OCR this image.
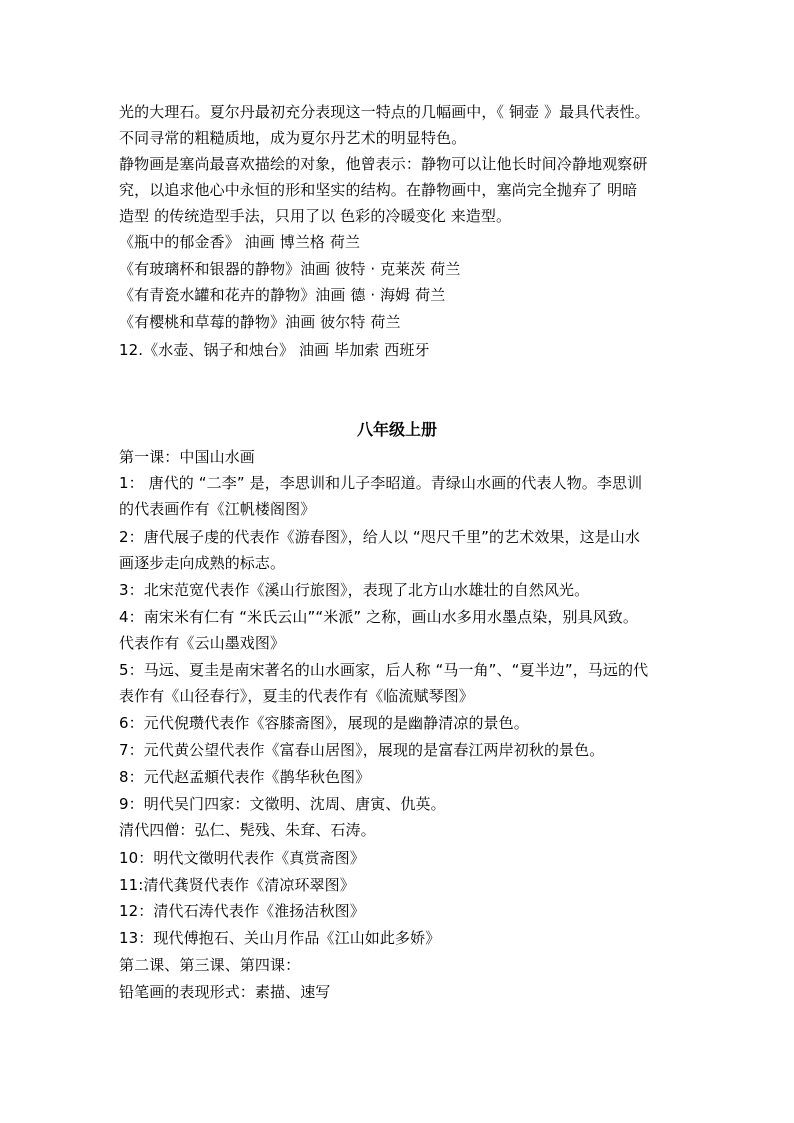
光的大理石。夏尔丹最初充分表现这一特点的几幅画中，《 铜壶 》最具代表性。
不同寻常的粗糙质地，成为夏尔丹艺术的明显特色。
静物画是塞尚最喜欢描绘的对象，他曾表示：静物可以让他长时间冷静地观察研
究，以追求他心中永恒的形和坚实的结构。在静物画中，塞尚完全抛弃了 明暗
造型 的传统造型手法，只用了以 色彩的冷暖变化 来造型。
《瓶中的郁金香》 油画 博兰格 荷兰
《有玻璃杯和银器的静物》油画 彼特 · 克莱茨 荷兰
《有青瓷水罐和花卉的静物》油画 德 · 海姆 荷兰
《有樱桃和草莓的静物》油画 彼尔特 荷兰
12.《水壶、锅子和烛台》 油画 毕加索 西班牙
八年级上册
第一课：中国山水画
1： 唐代的 “二李” 是，李思训和儿子李昭道。青绿山水画的代表人物。李思训
的代表画作有《江帆楼阁图》
2：唐代展子虔的代表作《游春图》，给人以 “咫尺千里”的艺术效果，这是山水
画逐步走向成熟的标志。
3：北宋范宽代表作《溪山行旅图》，表现了北方山水雄壮的自然风光。
4：南宋米有仁有 “米氏云山”“米派” 之称，画山水多用水墨点染，别具风致。
代表作有《云山墨戏图》
5：马远、夏圭是南宋著名的山水画家，后人称 “马一角”、“夏半边”，马远的代
表作有《山径春行》，夏圭的代表作有《临流赋琴图》
6：元代倪瓒代表作《容膝斋图》，展现的是幽静清凉的景色。
7：元代黄公望代表作《富春山居图》，展现的是富春江两岸初秋的景色。
8：元代赵孟頫代表作《鹊华秋色图》
9：明代吴门四家：文徵明、沈周、唐寅、仇英。
清代四僧：弘仁、髡残、朱耷、石涛。
10：明代文徵明代表作《真赏斋图》
11:清代龚贤代表作《清凉环翠图》
12：清代石涛代表作《淮扬洁秋图》
13：现代傅抱石、关山月作品《江山如此多娇》
第二课、第三课、第四课：
铅笔画的表现形式：素描、速写
